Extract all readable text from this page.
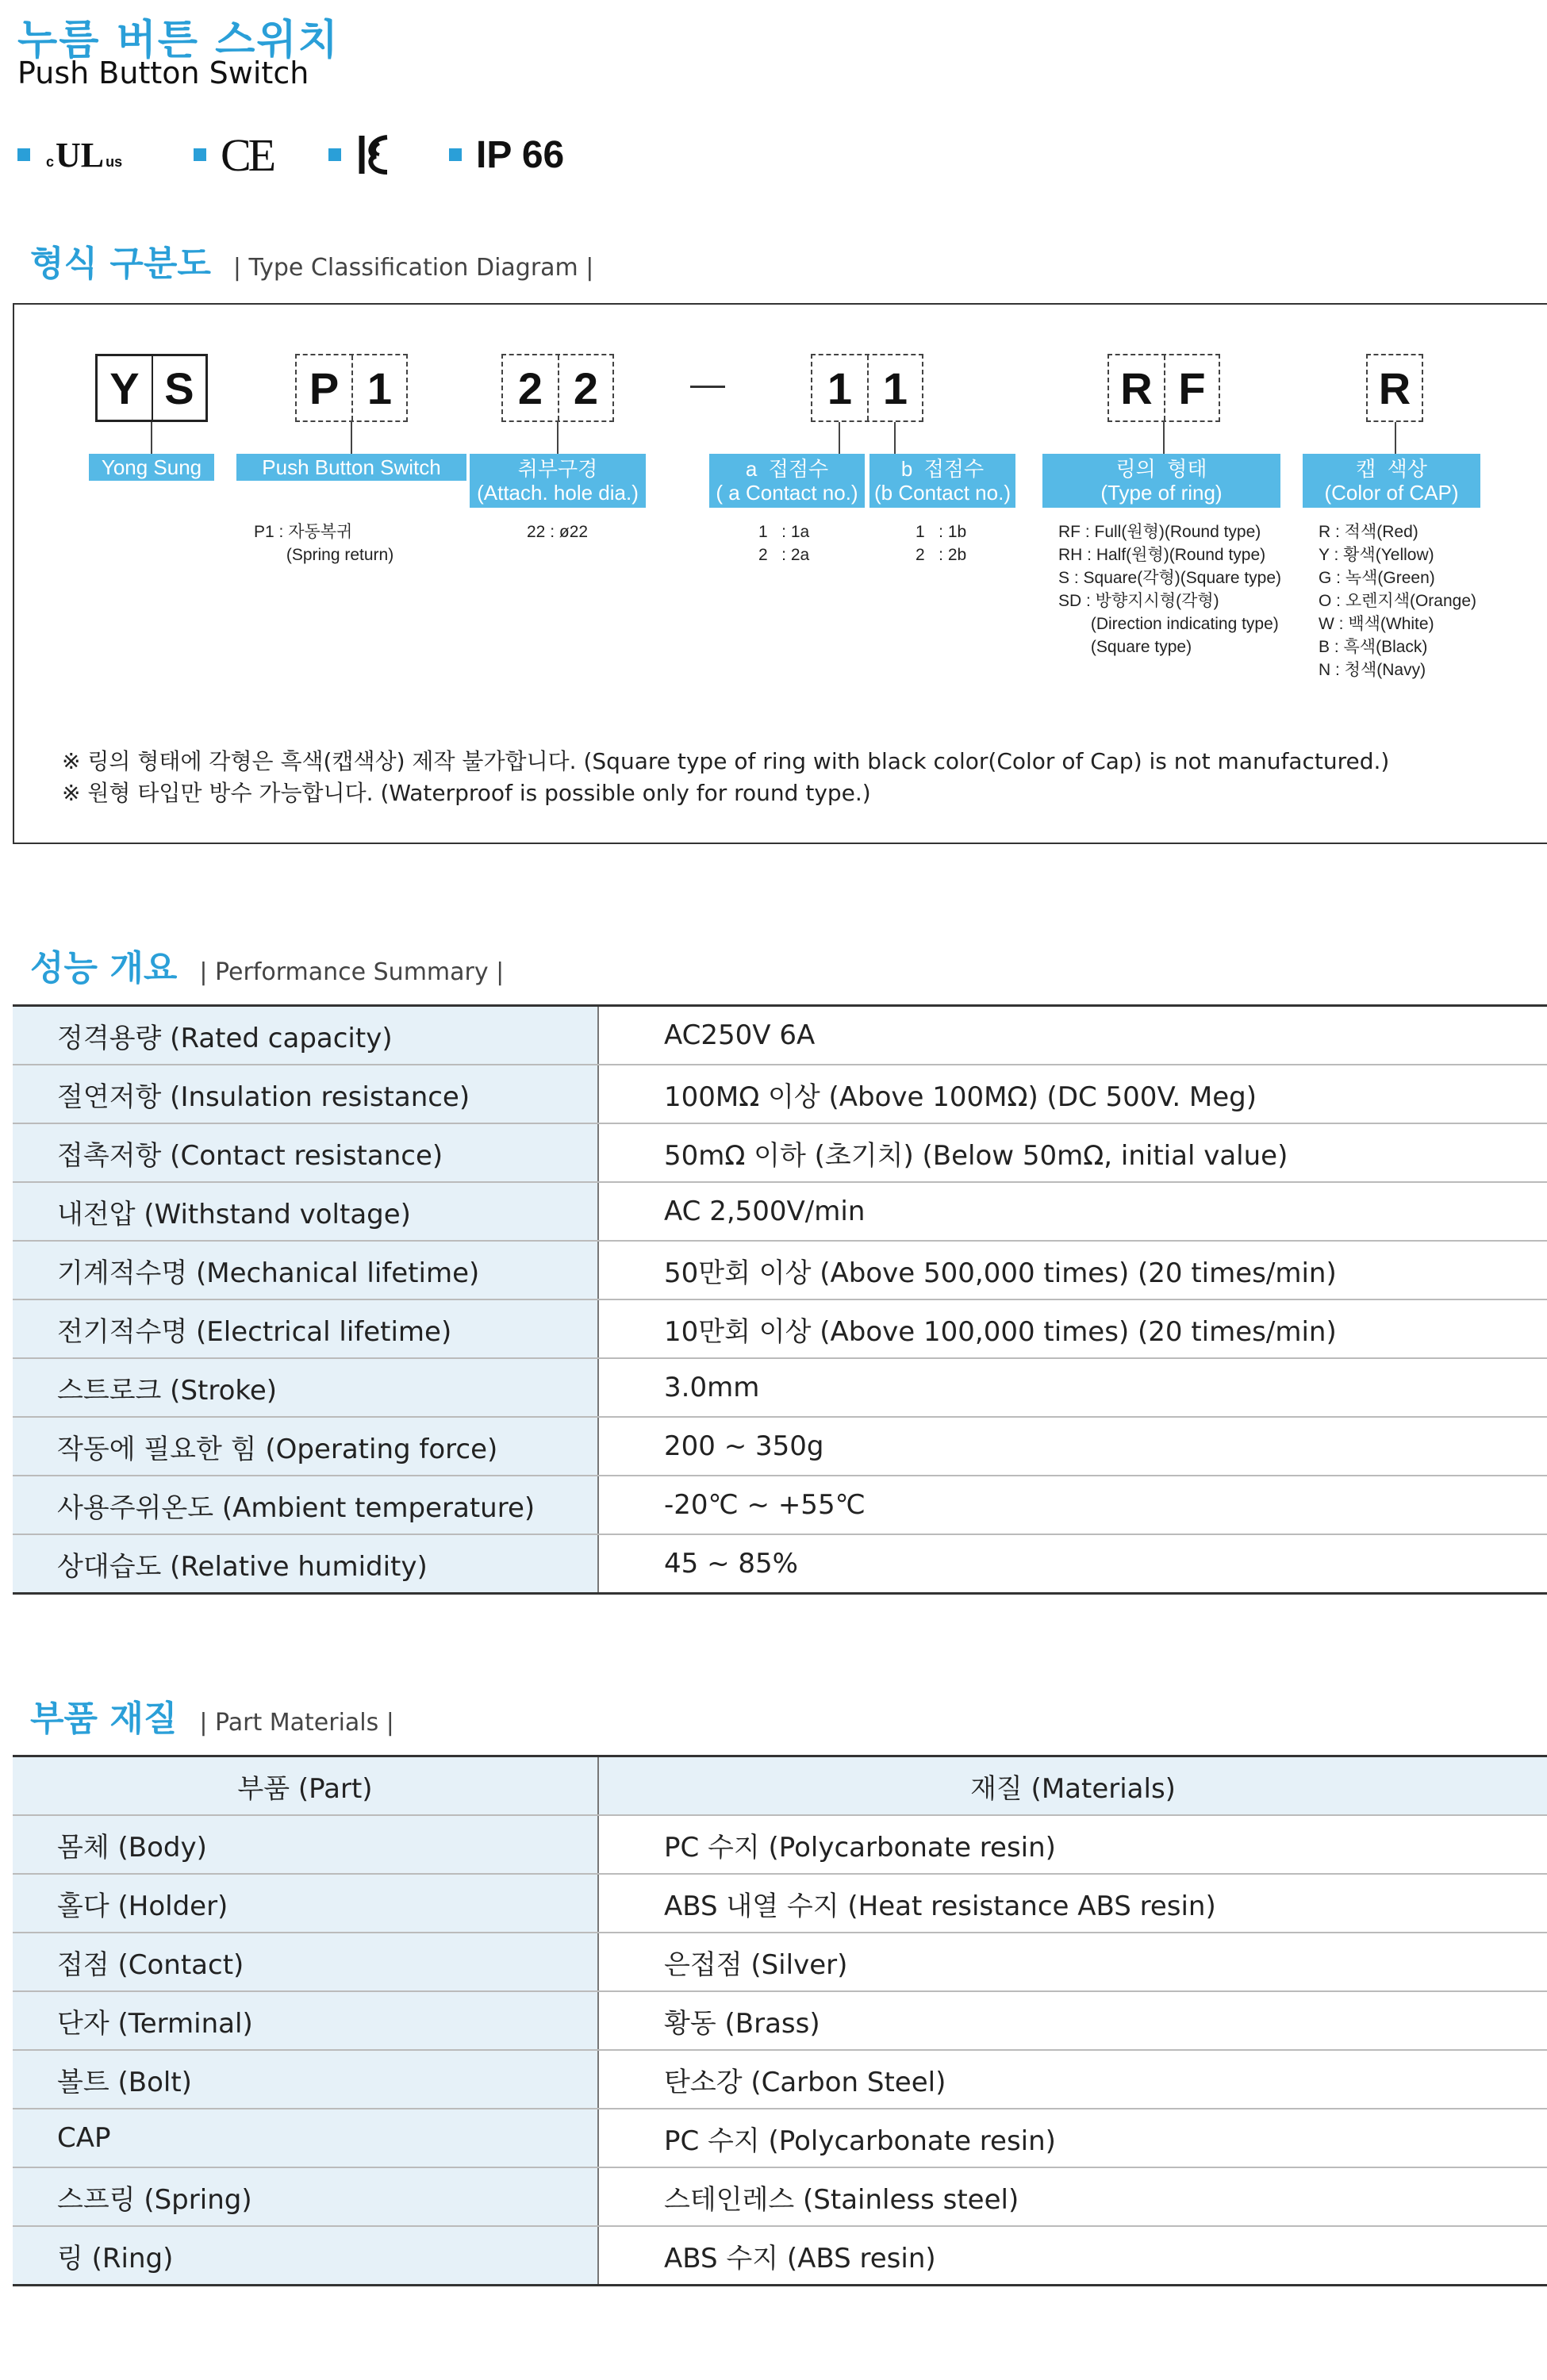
누름 버튼 스위치
Push Button Switch
c UL us CE	IP 66
형식 구분도 | Type Classification Diagram |
Y S	P 1	2 2	1 1	R F	R
Yong Sung	Push Button Switch	취부구경
(Attach. hole dia.)
a  접점수
( a Contact no.)
b  접점수
(b Contact no.)
링의  형태
(Type of ring)
캡  색상
(Color of CAP)
P1 : 자동복귀
(Spring return)
22 : ø22	1   : 1a
2   : 2a
1   : 1b
2   : 2b
RF : Full(원형)(Round type)
RH : Half(원형)(Round type)
S : Square(각형)(Square type)
SD : 방향지시형(각형)
(Direction indicating type)
(Square type)
R : 적색(Red)
Y : 황색(Yellow)
G : 녹색(Green)
O : 오렌지색(Orange)
W : 백색(White)
B : 흑색(Black)
N : 청색(Navy)
※ 링의 형태에 각형은 흑색(캡색상) 제작 불가합니다. (Square type of ring with black color(Color of Cap) is not manufactured.)
※ 원형 타입만 방수 가능합니다. (Waterproof is possible only for round type.)
성능 개요 | Performance Summary |
정격용량 (Rated capacity)	AC250V 6A
절연저항 (Insulation resistance)	100MΩ 이상 (Above 100MΩ) (DC 500V. Meg)
접촉저항 (Contact resistance)	50mΩ 이하 (초기치) (Below 50mΩ, initial value)
내전압 (Withstand voltage)	AC 2,500V/min
기계적수명 (Mechanical lifetime)	50만회 이상 (Above 500,000 times) (20 times/min)
전기적수명 (Electrical lifetime)	10만회 이상 (Above 100,000 times) (20 times/min)
스트로크 (Stroke)	3.0mm
작동에 필요한 힘 (Operating force)	200 ~ 350g
사용주위온도 (Ambient temperature)	-20℃ ~ +55℃
상대습도 (Relative humidity)	45 ~ 85%
부품 재질 | Part Materials |
부품 (Part)	재질 (Materials)
몸체 (Body)	PC 수지 (Polycarbonate resin)
홀다 (Holder)	ABS 내열 수지 (Heat resistance ABS resin)
접점 (Contact)	은접점 (Silver)
단자 (Terminal)	황동 (Brass)
볼트 (Bolt)	탄소강 (Carbon Steel)
CAP	PC 수지 (Polycarbonate resin)
스프링 (Spring)	스테인레스 (Stainless steel)
링 (Ring)	ABS 수지 (ABS resin)
